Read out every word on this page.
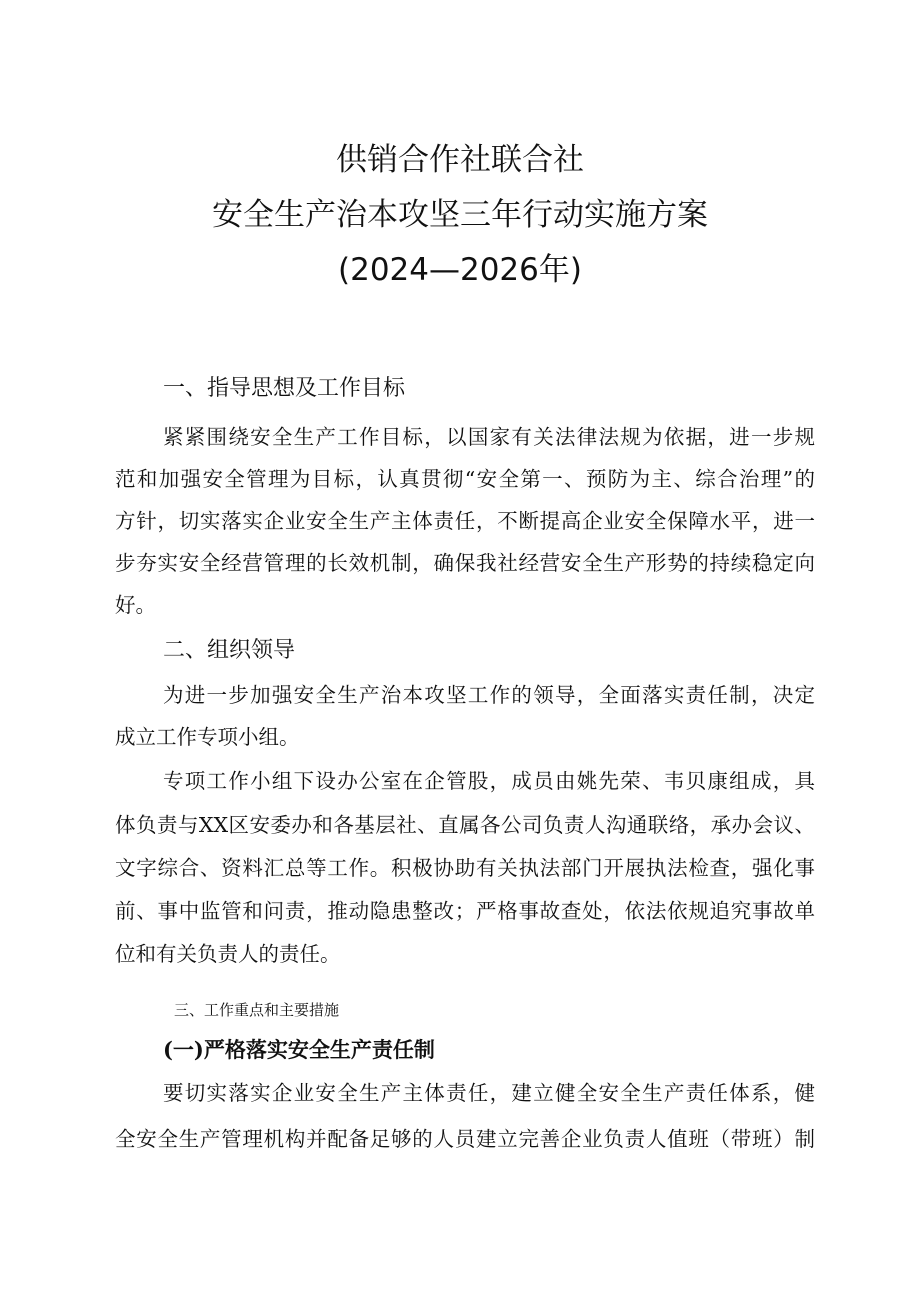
供销合作社联合社
安全生产治本攻坚三年行动实施方案
(2024—2026年)
一、指导思想及工作目标
紧紧围绕安全生产工作目标，以国家有关法律法规为依据，进一步规
范和加强安全管理为目标，认真贯彻“安全第一、预防为主、综合治理”的
方针，切实落实企业安全生产主体责任，不断提高企业安全保障水平，进一
步夯实安全经营管理的长效机制，确保我社经营安全生产形势的持续稳定向
好。
二、组织领导
为进一步加强安全生产治本攻坚工作的领导，全面落实责任制，决定
成立工作专项小组。
专项工作小组下设办公室在企管股，成员由姚先荣、韦贝康组成，具
体负责与XX区安委办和各基层社、直属各公司负责人沟通联络，承办会议、
文字综合、资料汇总等工作。积极协助有关执法部门开展执法检查，强化事
前、事中监管和问责，推动隐患整改；严格事故查处，依法依规追究事故单
位和有关负责人的责任。
三、工作重点和主要措施
(一)严格落实安全生产责任制
要切实落实企业安全生产主体责任，建立健全安全生产责任体系，健
全安全生产管理机构并配备足够的人员建立完善企业负责人值班（带班）制
